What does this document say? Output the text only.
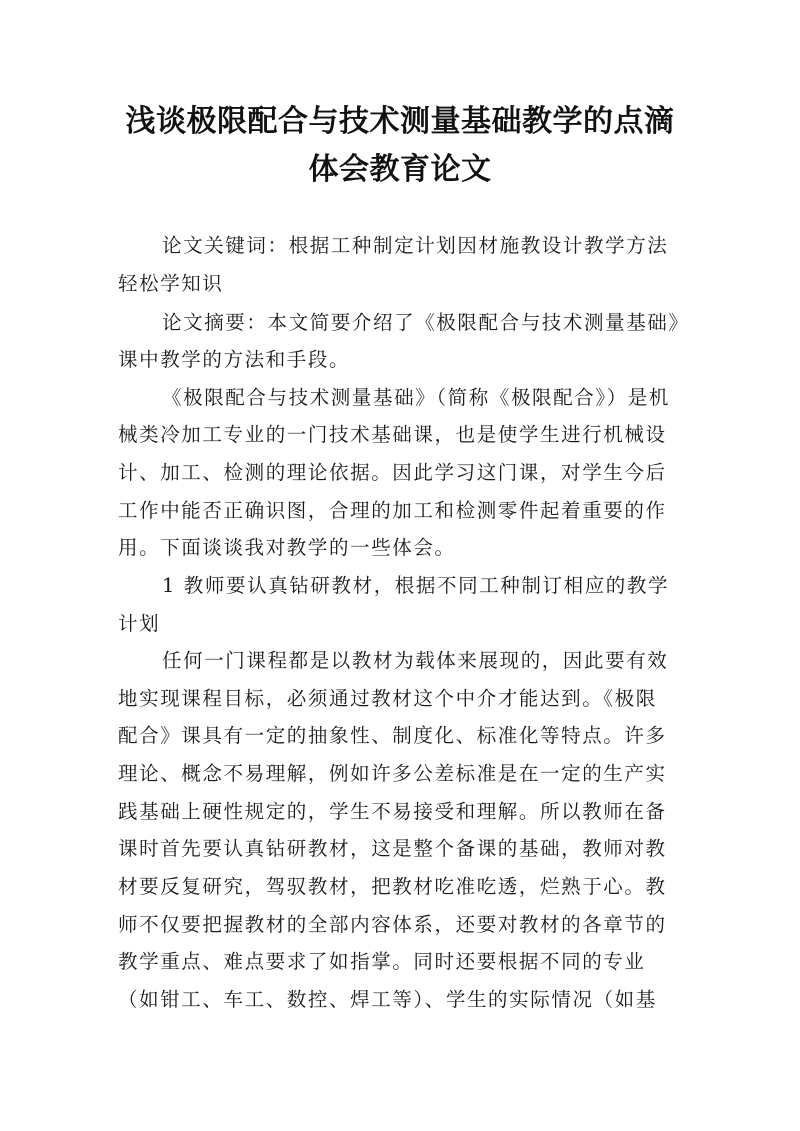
浅谈极限配合与技术测量基础教学的点滴
体会教育论文
论文关键词：根据工种制定计划因材施教设计教学方法
轻松学知识
论文摘要：本文简要介绍了《极限配合与技术测量基础》
课中教学的方法和手段。
《极限配合与技术测量基础》（简称《极限配合》）是机
械类冷加工专业的一门技术基础课，也是使学生进行机械设
计、加工、检测的理论依据。因此学习这门课，对学生今后
工作中能否正确识图，合理的加工和检测零件起着重要的作
用。下面谈谈我对教学的一些体会。
1 教师要认真钻研教材，根据不同工种制订相应的教学
计划
任何一门课程都是以教材为载体来展现的，因此要有效
地实现课程目标，必须通过教材这个中介才能达到。《极限
配合》课具有一定的抽象性、制度化、标准化等特点。许多
理论、概念不易理解，例如许多公差标准是在一定的生产实
践基础上硬性规定的，学生不易接受和理解。所以教师在备
课时首先要认真钻研教材，这是整个备课的基础，教师对教
材要反复研究，驾驭教材，把教材吃准吃透，烂熟于心。教
师不仅要把握教材的全部内容体系，还要对教材的各章节的
教学重点、难点要求了如指掌。同时还要根据不同的专业
（如钳工、车工、数控、焊工等）、学生的实际情况（如基
